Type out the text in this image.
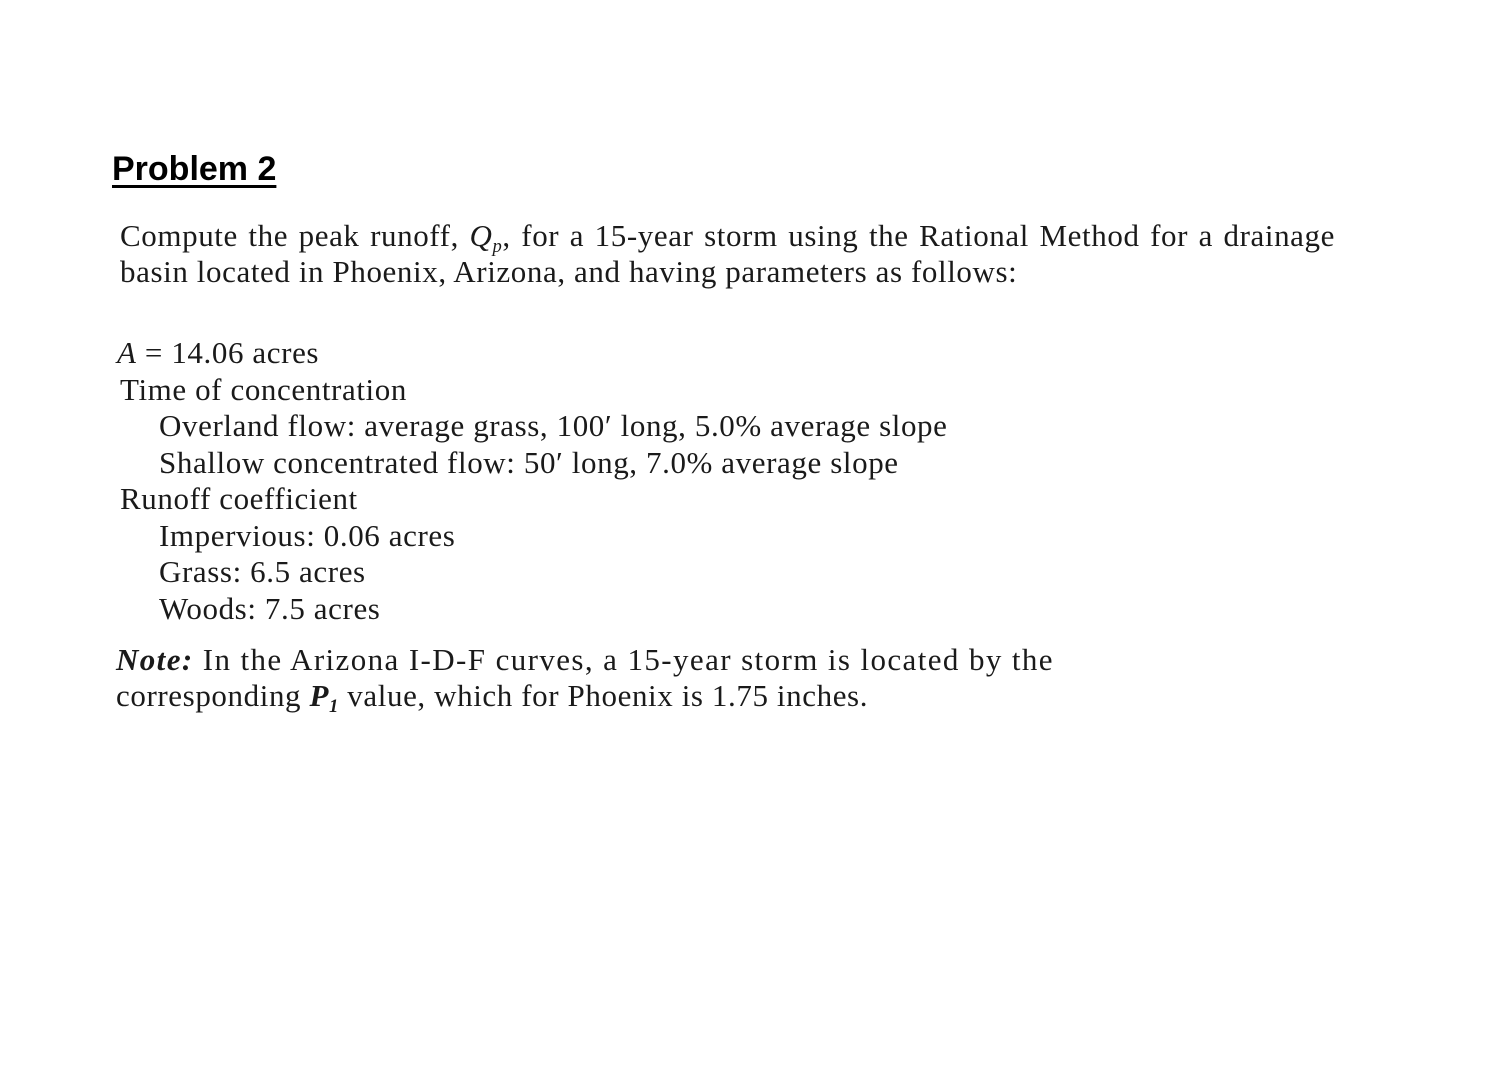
Problem 2

Compute the peak runoff, $Q_p$, for a 15-year storm using the Rational Method for a drainage basin located in Phoenix, Arizona, and having parameters as follows:

A = 14.06 acres
Time of concentration
Overland flow: average grass, 100′ long, 5.0% average slope
Shallow concentrated flow: 50′ long, 7.0% average slope
Runoff coefficient
Impervious: 0.06 acres
Grass: 6.5 acres
Woods: 7.5 acres

Note: In the Arizona I-D-F curves, a 15-year storm is located by the
corresponding $P_1$ value, which for Phoenix is 1.75 inches.
